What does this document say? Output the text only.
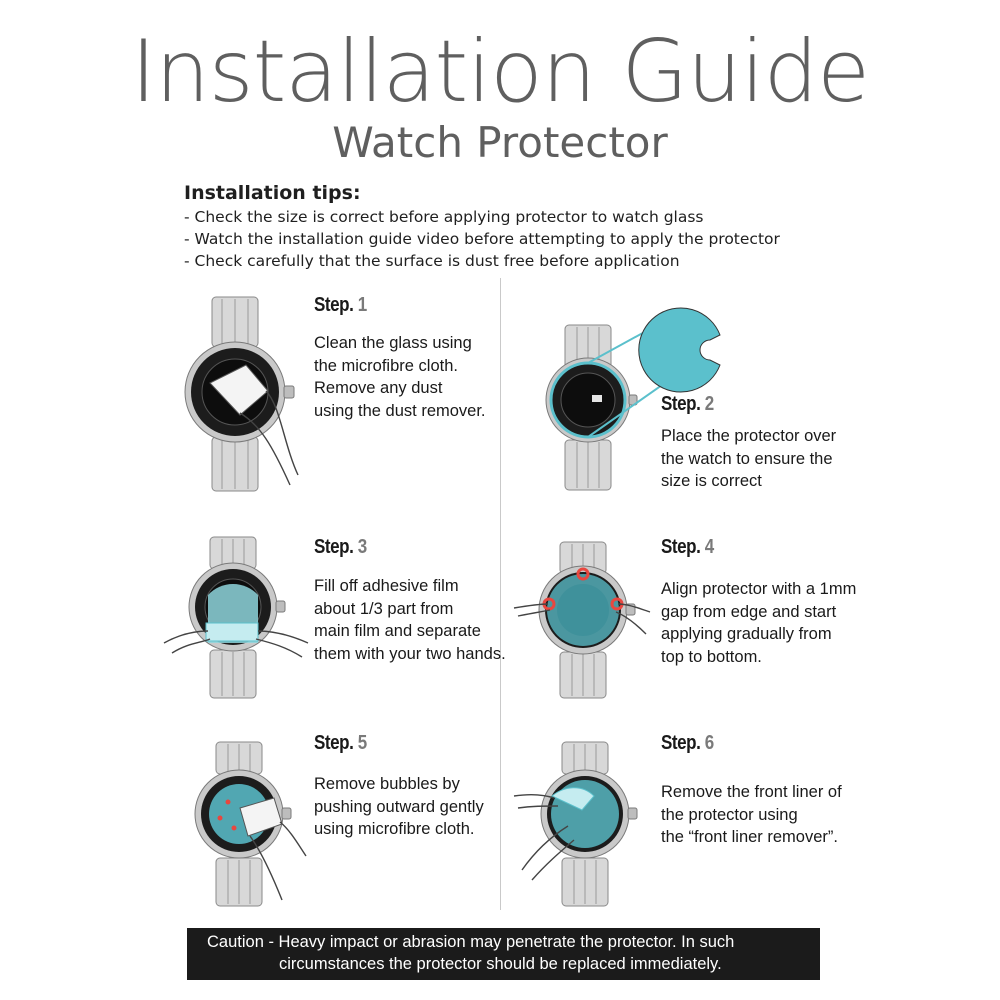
Installation Guide
Watch Protector
Installation tips:
- Check the size is correct before applying protector to watch glass
- Watch the installation guide video before attempting to apply the protector
- Check carefully that the surface is dust free before application
Step. 1
Clean the glass using
the microfibre cloth.
Remove any dust
using the dust remover.	Step. 2
Place the protector over
the watch to ensure the
size is correct
Step. 3
Fill off adhesive film
about 1/3 part from
main film and separate
them with your two hands.
Step. 4
Align protector with a 1mm
gap from edge and start
applying gradually from
top to bottom.
Step. 5
Remove bubbles by
pushing outward gently
using microfibre cloth.
Step. 6
Remove the front liner of
the protector using
the “front liner remover”.
Caution - Heavy impact or abrasion may penetrate the protector. In such
circumstances the protector should be replaced immediately.
